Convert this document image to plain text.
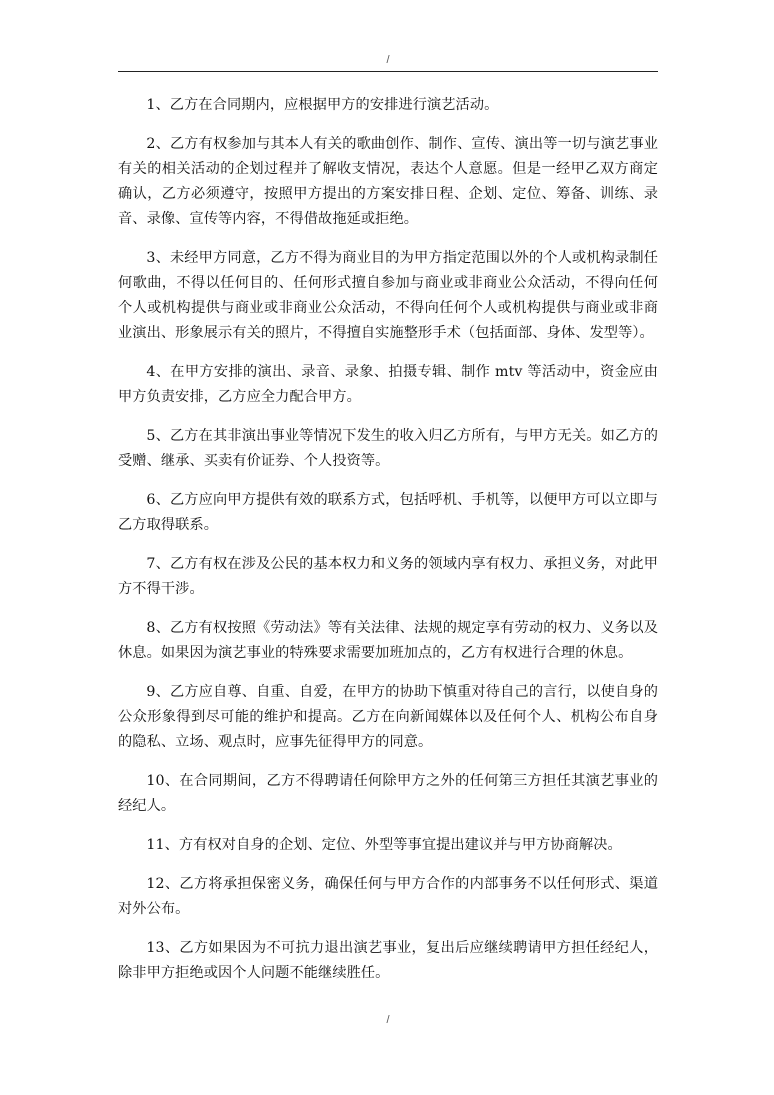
/

1、乙方在合同期内，应根据甲方的安排进行演艺活动。

2、乙方有权参加与其本人有关的歌曲创作、制作、宣传、演出等一切与演艺事业有关的相关活动的企划过程并了解收支情况，表达个人意愿。但是一经甲乙双方商定确认，乙方必须遵守，按照甲方提出的方案安排日程、企划、定位、筹备、训练、录音、录像、宣传等内容，不得借故拖延或拒绝。

3、未经甲方同意，乙方不得为商业目的为甲方指定范围以外的个人或机构录制任何歌曲，不得以任何目的、任何形式擅自参加与商业或非商业公众活动，不得向任何个人或机构提供与商业或非商业公众活动，不得向任何个人或机构提供与商业或非商业演出、形象展示有关的照片，不得擅自实施整形手术（包括面部、身体、发型等）。

4、在甲方安排的演出、录音、录象、拍摄专辑、制作 mtv 等活动中，资金应由甲方负责安排，乙方应全力配合甲方。

5、乙方在其非演出事业等情况下发生的收入归乙方所有，与甲方无关。如乙方的受赠、继承、买卖有价证券、个人投资等。

6、乙方应向甲方提供有效的联系方式，包括呼机、手机等，以便甲方可以立即与乙方取得联系。

7、乙方有权在涉及公民的基本权力和义务的领域内享有权力、承担义务，对此甲方不得干涉。

8、乙方有权按照《劳动法》等有关法律、法规的规定享有劳动的权力、义务以及休息。如果因为演艺事业的特殊要求需要加班加点的，乙方有权进行合理的休息。

9、乙方应自尊、自重、自爱，在甲方的协助下慎重对待自己的言行，以使自身的公众形象得到尽可能的维护和提高。乙方在向新闻媒体以及任何个人、机构公布自身的隐私、立场、观点时，应事先征得甲方的同意。

10、在合同期间，乙方不得聘请任何除甲方之外的任何第三方担任其演艺事业的经纪人。

11、方有权对自身的企划、定位、外型等事宜提出建议并与甲方协商解决。

12、乙方将承担保密义务，确保任何与甲方合作的内部事务不以任何形式、渠道对外公布。

13、乙方如果因为不可抗力退出演艺事业，复出后应继续聘请甲方担任经纪人，除非甲方拒绝或因个人问题不能继续胜任。

/
